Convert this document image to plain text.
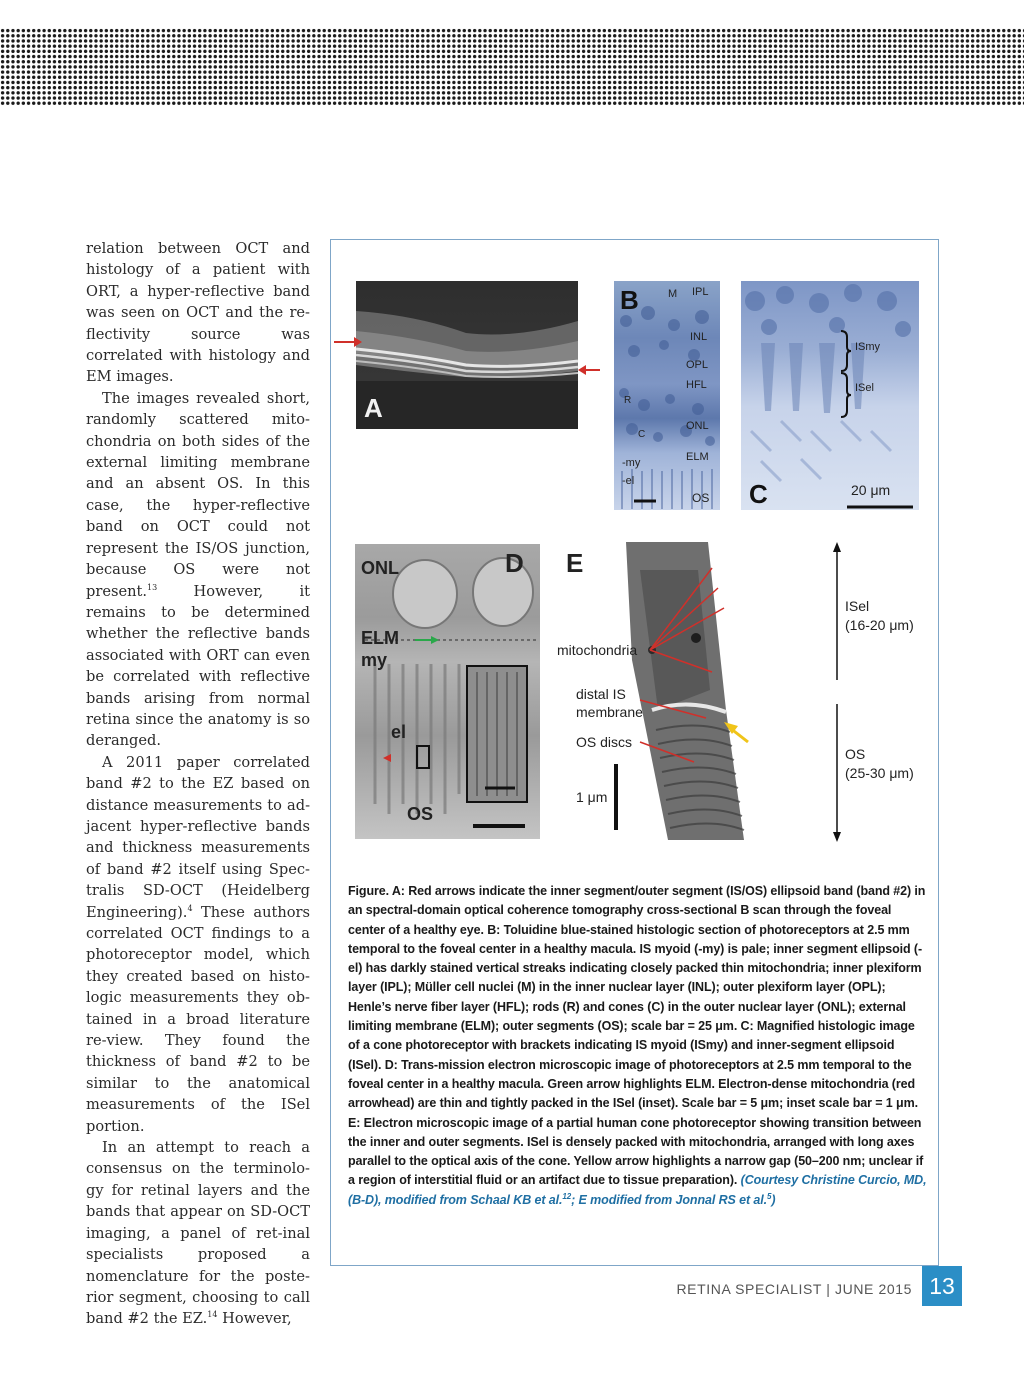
relation between OCT and histology of a patient with ORT, a hyper-reflective band was seen on OCT and the re-flectivity source was correlated with histology and EM images.

The images revealed short, randomly scattered mito-chondria on both sides of the external limiting membrane and an absent OS. In this case, the hyper-reflective band on OCT could not represent the IS/OS junction, because OS were not present.$^{13}$ However, it remains to be determined whether the reflective bands associated with ORT can even be correlated with reflective bands arising from normal retina since the anatomy is so deranged.

A 2011 paper correlated band #2 to the EZ based on distance measurements to ad-jacent hyper-reflective bands and thickness measurements of band #2 itself using Spec-tralis SD-OCT (Heidelberg Engineering).$^4$ These authors correlated OCT findings to a photoreceptor model, which they created based on histo-logic measurements they ob-tained in a broad literature re-view. They found the thickness of band #2 to be similar to the anatomical measurements of the ISel portion.

In an attempt to reach a consensus on the terminolo-gy for retinal layers and the bands that appear on SD-OCT imaging, a panel of ret-inal specialists proposed a nomenclature for the poste-rior segment, choosing to call band #2 the EZ.$^{14}$ However,

A
B	M IPL
INL
OPL
HFL
R
C
ONL
ELM
-my
-el
OS
ISmy
ISel
C	20 μm
ONL	D
ELM
my
el
OS
E
mitochondria
distal IS
membrane
OS discs
1 μm
ISel
(16-20 μm)
OS
(25-30 μm)
Figure. A: Red arrows indicate the inner segment/outer segment (IS/OS) ellipsoid band (band #2) in an spectral-domain optical coherence tomography cross-sectional B scan through the foveal center of a healthy eye. B: Toluidine blue-stained histologic section of photoreceptors at 2.5 mm temporal to the foveal center in a healthy macula. IS myoid (-my) is pale; inner segment ellipsoid (-el) has darkly stained vertical streaks indicating closely packed thin mitochondria; inner plexiform layer (IPL); Müller cell nuclei (M) in the inner nuclear layer (INL); outer plexiform layer (OPL); Henle’s nerve fiber layer (HFL); rods (R) and cones (C) in the outer nuclear layer (ONL); external limiting membrane (ELM); outer segments (OS); scale bar = 25 μm. C: Magnified histologic image of a cone photoreceptor with brackets indicating IS myoid (ISmy) and inner-segment ellipsoid (ISel). D: Trans-mission electron microscopic image of photoreceptors at 2.5 mm temporal to the foveal center in a healthy macula. Green arrow highlights ELM. Electron-dense mitochondria (red arrowhead) are thin and tightly packed in the ISel (inset). Scale bar = 5 μm; inset scale bar = 1 μm. E: Electron microscopic image of a partial human cone photoreceptor showing transition between the inner and outer segments. ISel is densely packed with mitochondria, arranged with long axes parallel to the optical axis of the cone. Yellow arrow highlights a narrow gap (50–200 nm; unclear if a region of interstitial fluid or an artifact due to tissue preparation). (Courtesy Christine Curcio, MD, (B-D), modified from Schaal KB et al.$^{12}$; E modified from Jonnal RS et al.$^5$)
RETINA SPECIALIST | JUNE 2015 13
